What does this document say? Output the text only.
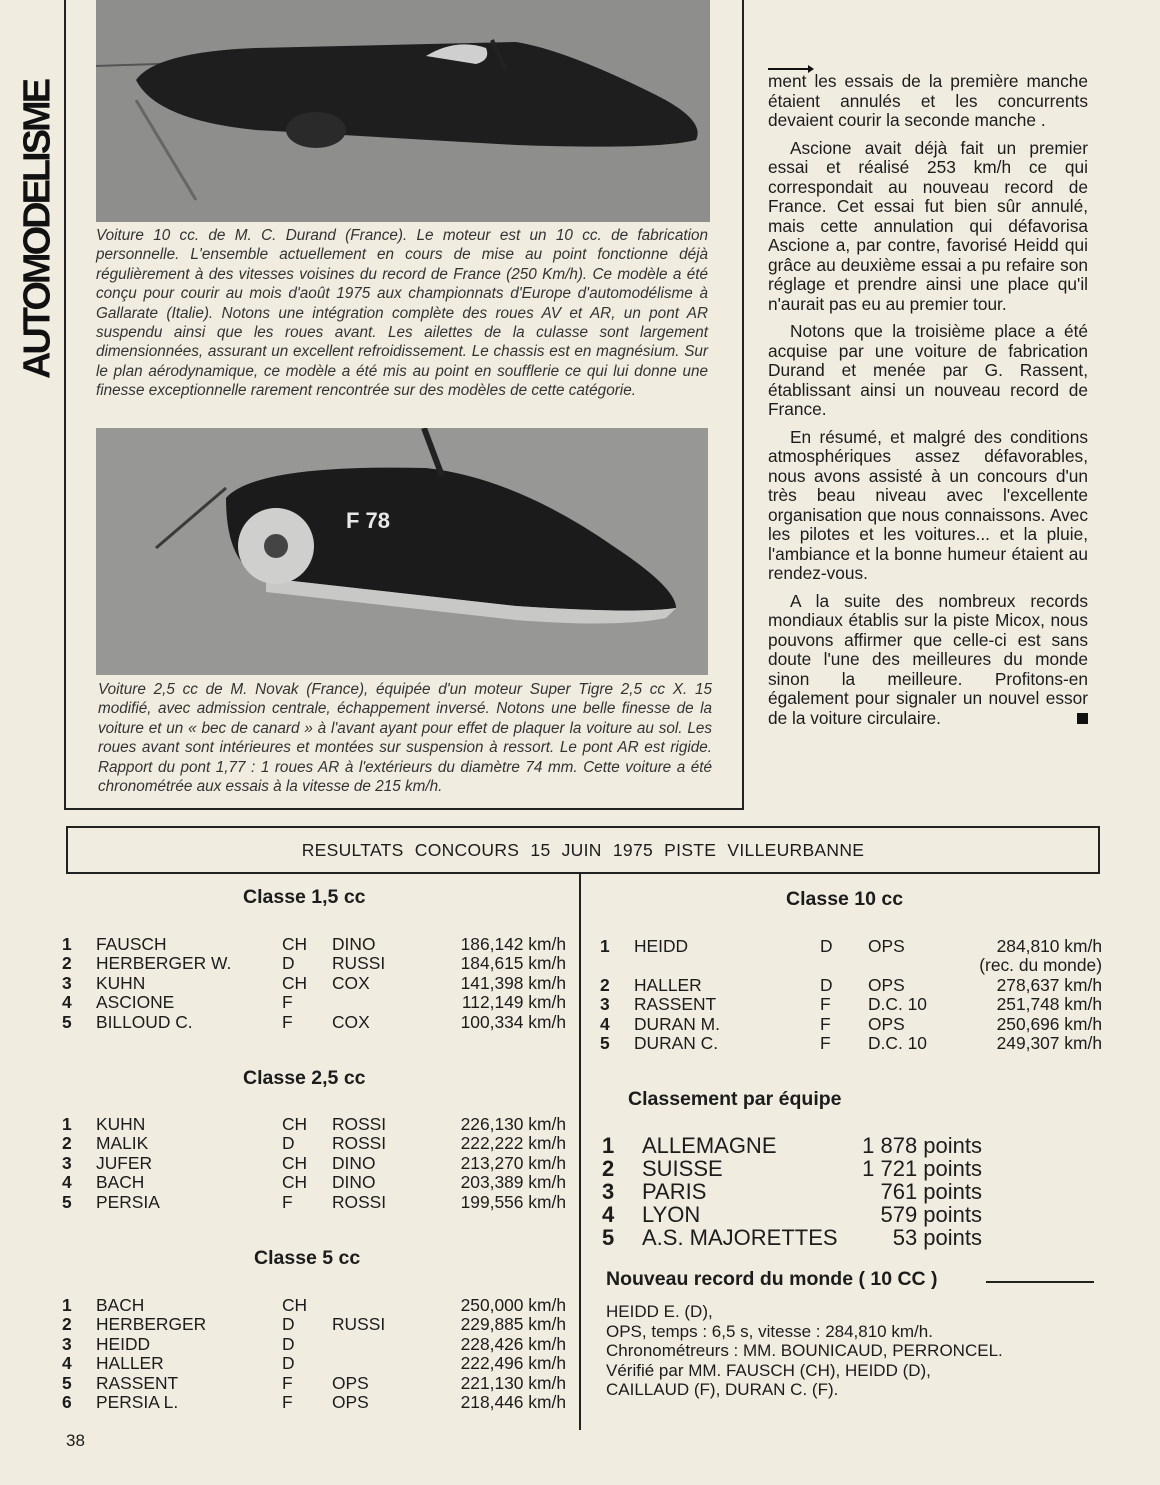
AUTOMODELISME Voiture 10 cc. de M. C. Durand (France). Le moteur est un 10 cc. de fabrication personnelle. L'ensemble actuellement en cours de mise au point fonctionne déjà régulièrement à des vitesses voisines du record de France (250 Km/h). Ce modèle a été conçu pour courir au mois d'août 1975 aux championnats d'Europe d'automodélisme à Gallarate (Italie). Notons une intégration complète des roues AV et AR, un pont AR suspendu ainsi que les roues avant. Les ailettes de la culasse sont largement dimensionnées, assurant un excellent refroidissement. Le chassis est en magnésium. Sur le plan aérodynamique, ce modèle a été mis au point en soufflerie ce qui lui donne une finesse exceptionnelle rarement rencontrée sur des modèles de cette catégorie.
F 78
Voiture 2,5 cc de M. Novak (France), équipée d'un moteur Super Tigre 2,5 cc X. 15 modifié, avec admission centrale, échappement inversé. Notons une belle finesse de la voiture et un « bec de canard » à l'avant ayant pour effet de plaquer la voiture au sol. Les roues avant sont intérieures et montées sur suspension à ressort. Le pont AR est rigide. Rapport du pont 1,77 : 1 roues AR à l'extérieurs du diamètre 74 mm. Cette voiture a été chronométrée aux essais à la vitesse de 215 km/h.

ment les essais de la première manche étaient annulés et les concurrents devaient courir la seconde manche .

Ascione avait déjà fait un premier essai et réalisé 253 km/h ce qui correspondait au nouveau record de France. Cet essai fut bien sûr annulé, mais cette annulation qui défavorisa Ascione a, par contre, favorisé Heidd qui grâce au deuxième essai a pu refaire son réglage et prendre ainsi une place qu'il n'aurait pas eu au premier tour.

Notons que la troisième place a été acquise par une voiture de fabrication Durand et menée par G. Rassent, établissant ainsi un nouveau record de France.

En résumé, et malgré des conditions atmosphériques assez défavorables, nous avons assisté à un concours d'un très beau niveau avec l'excellente organisation que nous connaissons. Avec les pilotes et les voitures... et la pluie, l'ambiance et la bonne humeur étaient au rendez-vous.

A la suite des nombreux records mondiaux établis sur la piste Micox, nous pouvons affirmer que celle-ci est sans doute l'une des meilleures du monde sinon la meilleure. Profitons-en également pour signaler un nouvel essor de la voiture circulaire.

RESULTATS CONCOURS 15 JUIN 1975 PISTE VILLEURBANNE
Classe 1,5 cc
1	FAUSCH	CH	DINO	186,142 km/h
2	HERBERGER W.	D	RUSSI	184,615 km/h
3	KUHN	CH	COX	141,398 km/h
4	ASCIONE	F		112,149 km/h
5	BILLOUD C.	F	COX	100,334 km/h
Classe 2,5 cc
1	KUHN	CH	ROSSI	226,130 km/h
2	MALIK	D	ROSSI	222,222 km/h
3	JUFER	CH	DINO	213,270 km/h
4	BACH	CH	DINO	203,389 km/h
5	PERSIA	F	ROSSI	199,556 km/h
Classe 5 cc
1	BACH	CH		250,000 km/h
2	HERBERGER	D	RUSSI	229,885 km/h
3	HEIDD	D		228,426 km/h
4	HALLER	D		222,496 km/h
5	RASSENT	F	OPS	221,130 km/h
6	PERSIA L.	F	OPS	218,446 km/h
Classe 10 cc
1	HEIDD	D	OPS	284,810 km/h
				(rec. du monde)
2	HALLER	D	OPS	278,637 km/h
3	RASSENT	F	D.C. 10	251,748 km/h
4	DURAN M.	F	OPS	250,696 km/h
5	DURAN C.	F	D.C. 10	249,307 km/h
Classement par équipe
1	ALLEMAGNE	1 878 points
2	SUISSE	1 721 points
3	PARIS	761 points
4	LYON	579 points
5	A.S. MAJORETTES	53 points
Nouveau record du monde ( 10 CC )
HEIDD E. (D),
OPS, temps : 6,5 s, vitesse : 284,810 km/h.
Chronométreurs : MM. BOUNICAUD, PERRONCEL.
Vérifié par MM. FAUSCH (CH), HEIDD (D),
CAILLAUD (F), DURAN C. (F).
38
